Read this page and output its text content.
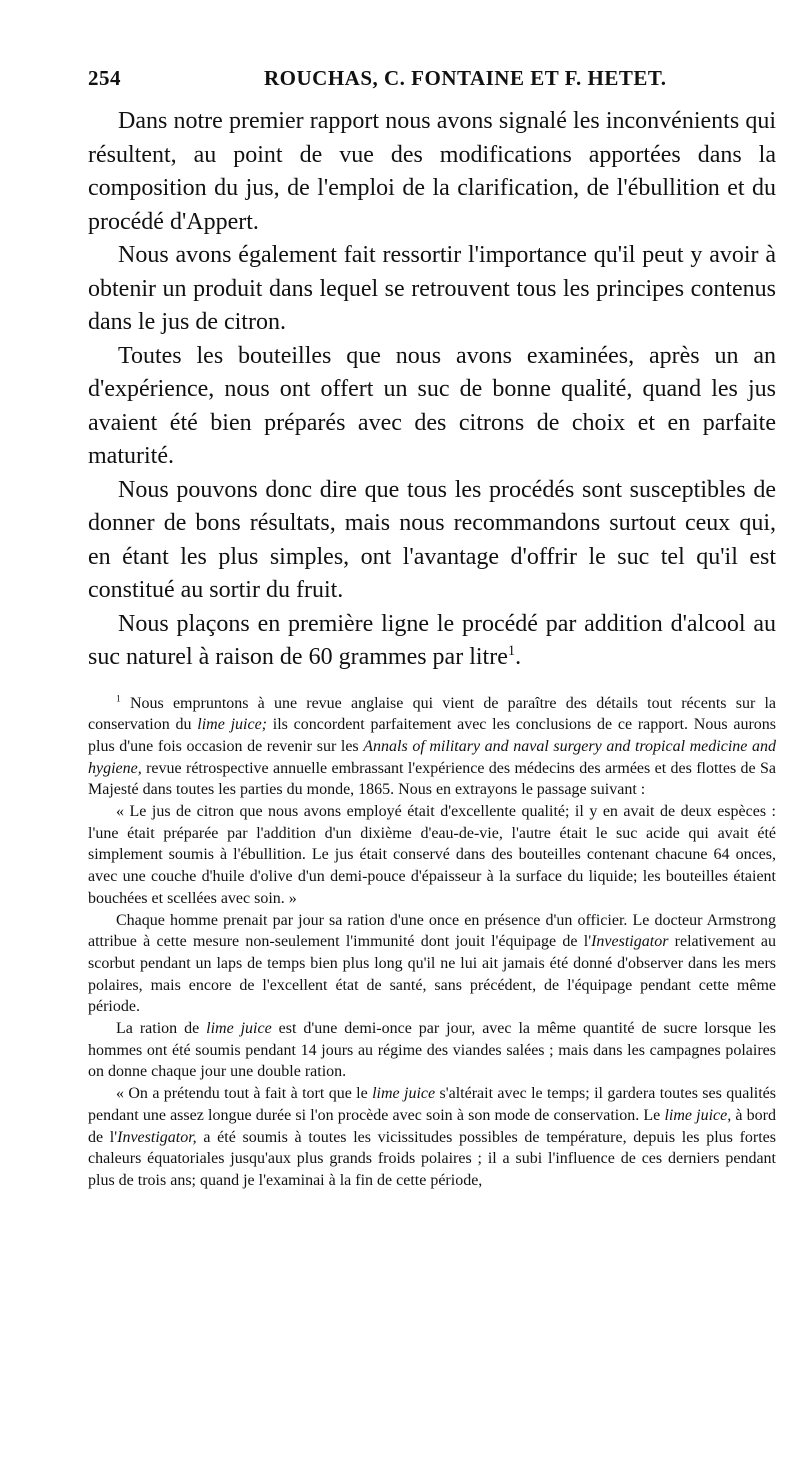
254	ROUCHAS, C. FONTAINE ET F. HETET.

Dans notre premier rapport nous avons signalé les inconvénients qui résultent, au point de vue des modifications apportées dans la composition du jus, de l'emploi de la clarification, de l'ébullition et du procédé d'Appert.

Nous avons également fait ressortir l'importance qu'il peut y avoir à obtenir un produit dans lequel se retrouvent tous les principes contenus dans le jus de citron.

Toutes les bouteilles que nous avons examinées, après un an d'expérience, nous ont offert un suc de bonne qualité, quand les jus avaient été bien préparés avec des citrons de choix et en parfaite maturité.

Nous pouvons donc dire que tous les procédés sont susceptibles de donner de bons résultats, mais nous recommandons surtout ceux qui, en étant les plus simples, ont l'avantage d'offrir le suc tel qu'il est constitué au sortir du fruit.

Nous plaçons en première ligne le procédé par addition d'alcool au suc naturel à raison de 60 grammes par litre$^1$.

$^1$ Nous empruntons à une revue anglaise qui vient de paraître des détails tout récents sur la conservation du lime juice; ils concordent parfaitement avec les conclusions de ce rapport. Nous aurons plus d'une fois occasion de revenir sur les Annals of military and naval surgery and tropical medicine and hygiene, revue rétrospective annuelle embrassant l'expérience des médecins des armées et des flottes de Sa Majesté dans toutes les parties du monde, 1865. Nous en extrayons le passage suivant :

« Le jus de citron que nous avons employé était d'excellente qualité; il y en avait de deux espèces : l'une était préparée par l'addition d'un dixième d'eau-de-vie, l'autre était le suc acide qui avait été simplement soumis à l'ébullition. Le jus était conservé dans des bouteilles contenant chacune 64 onces, avec une couche d'huile d'olive d'un demi-pouce d'épaisseur à la surface du liquide; les bouteilles étaient bouchées et scellées avec soin. »

Chaque homme prenait par jour sa ration d'une once en présence d'un officier. Le docteur Armstrong attribue à cette mesure non-seulement l'immunité dont jouit l'équipage de l'Investigator relativement au scorbut pendant un laps de temps bien plus long qu'il ne lui ait jamais été donné d'observer dans les mers polaires, mais encore de l'excellent état de santé, sans précédent, de l'équipage pendant cette même période.

La ration de lime juice est d'une demi-once par jour, avec la même quantité de sucre lorsque les hommes ont été soumis pendant 14 jours au régime des viandes salées ; mais dans les campagnes polaires on donne chaque jour une double ration.

« On a prétendu tout à fait à tort que le lime juice s'altérait avec le temps; il gardera toutes ses qualités pendant une assez longue durée si l'on procède avec soin à son mode de conservation. Le lime juice, à bord de l'Investigator, a été soumis à toutes les vicissitudes possibles de température, depuis les plus fortes chaleurs équatoriales jusqu'aux plus grands froids polaires ; il a subi l'influence de ces derniers pendant plus de trois ans; quand je l'examinai à la fin de cette période,
